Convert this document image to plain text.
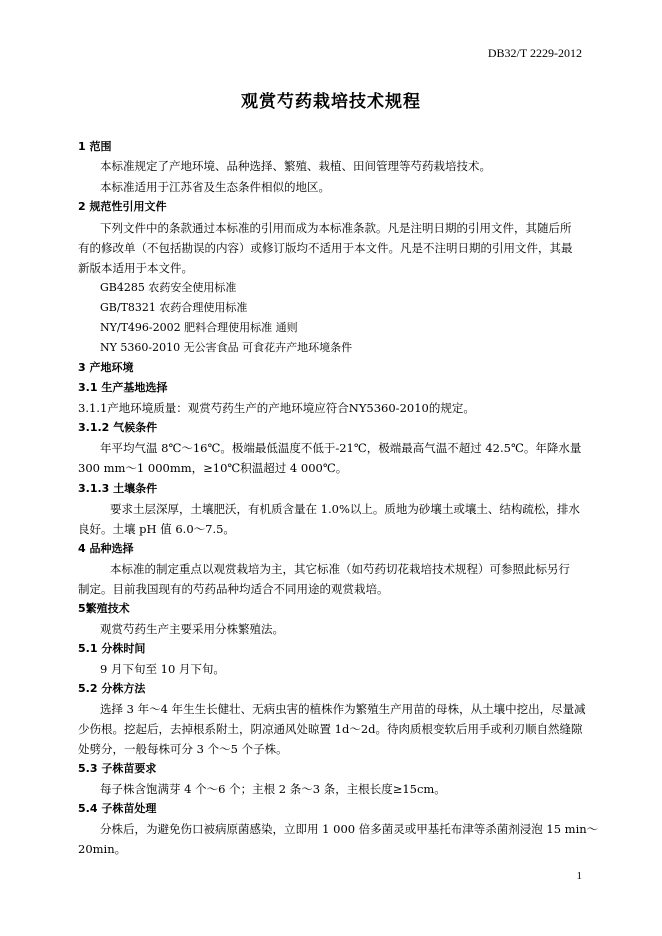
DB32/T 2229-2012
观赏芍药栽培技术规程
1 范围
本标准规定了产地环境、品种选择、繁殖、栽植、田间管理等芍药栽培技术。
本标准适用于江苏省及生态条件相似的地区。
2 规范性引用文件
下列文件中的条款通过本标准的引用而成为本标准条款。凡是注明日期的引用文件，其随后所
有的修改单（不包括勘误的内容）或修订版均不适用于本文件。凡是不注明日期的引用文件，其最
新版本适用于本文件。
GB4285 农药安全使用标准
GB/T8321 农药合理使用标准
NY/T496-2002 肥料合理使用标准 通则
NY 5360-2010 无公害食品 可食花卉产地环境条件
3 产地环境
3.1 生产基地选择
3.1.1产地环境质量：观赏芍药生产的产地环境应符合NY5360-2010的规定。
3.1.2 气候条件
年平均气温 8℃～16℃。极端最低温度不低于-21℃，极端最高气温不超过 42.5℃。年降水量
300 mm～1 000mm，≥10℃积温超过 4 000℃。
3.1.3 土壤条件
要求土层深厚，土壤肥沃，有机质含量在 1.0%以上。质地为砂壤土或壤土、结构疏松，排水
良好。土壤 pH 值 6.0～7.5。
4 品种选择
本标准的制定重点以观赏栽培为主，其它标准（如芍药切花栽培技术规程）可参照此标另行
制定。目前我国现有的芍药品种均适合不同用途的观赏栽培。
5繁殖技术
观赏芍药生产主要采用分株繁殖法。
5.1 分株时间
9 月下旬至 10 月下旬。
5.2 分株方法
选择 3 年～4 年生生长健壮、无病虫害的植株作为繁殖生产用苗的母株，从土壤中挖出，尽量减
少伤根。挖起后，去掉根系附土，阴凉通风处晾置 1d～2d。待肉质根变软后用手或利刃顺自然缝隙
处劈分，一般每株可分 3 个～5 个子株。
5.3 子株苗要求
每子株含饱满芽 4 个～6 个；主根 2 条～3 条，主根长度≥15cm。
5.4 子株苗处理
分株后，为避免伤口被病原菌感染，立即用 1 000 倍多菌灵或甲基托布津等杀菌剂浸泡 15 min～
20min。
1
